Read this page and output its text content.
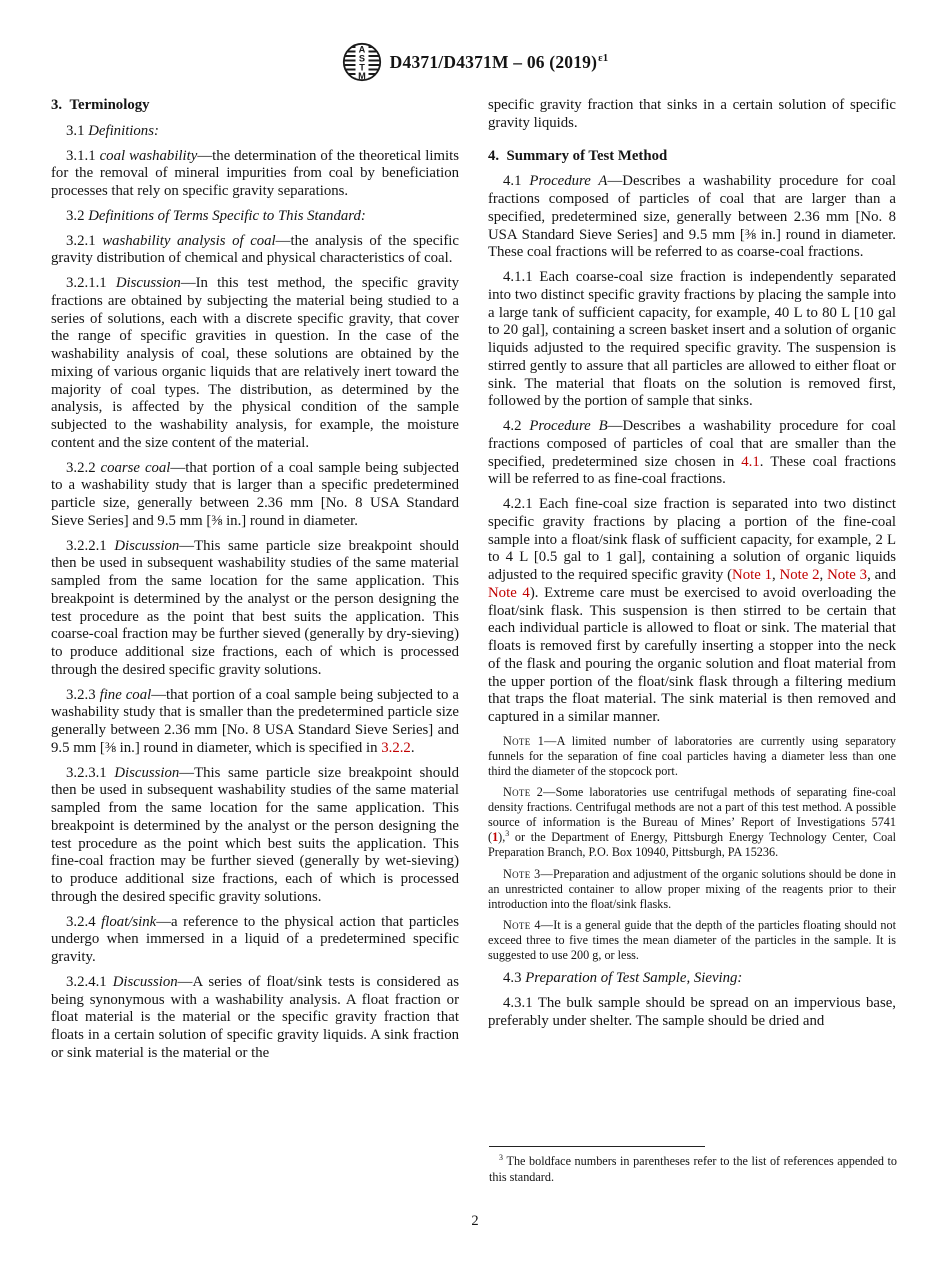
A
S
T
M
D4371/D4371M – 06 $(2019)^{\varepsilon 1}$
3. Terminology
3.1 Definitions:
3.1.1 coal washability—the determination of the theoretical limits for the removal of mineral impurities from coal by beneficiation processes that rely on specific gravity separations.
3.2 Definitions of Terms Specific to This Standard:
3.2.1 washability analysis of coal—the analysis of the specific gravity distribution of chemical and physical characteristics of coal.
3.2.1.1 Discussion—In this test method, the specific gravity fractions are obtained by subjecting the material being studied to a series of solutions, each with a discrete specific gravity, that cover the range of specific gravities in question. In the case of the washability analysis of coal, these solutions are obtained by the mixing of various organic liquids that are relatively inert toward the majority of coal types. The distribution, as determined by the analysis, is affected by the physical condition of the sample subjected to the washability analysis, for example, the moisture content and the size content of the material.
3.2.2 coarse coal—that portion of a coal sample being subjected to a washability study that is larger than a specific predetermined particle size, generally between 2.36 mm [No. 8 USA Standard Sieve Series] and 9.5 mm [⅜ in.] round in diameter.
3.2.2.1 Discussion—This same particle size breakpoint should then be used in subsequent washability studies of the same material sampled from the same location for the same application. This breakpoint is determined by the analyst or the person designing the test procedure as the point that best suits the application. This coarse-coal fraction may be further sieved (generally by dry-sieving) to produce additional size fractions, each of which is processed through the desired specific gravity solutions.
3.2.3 fine coal—that portion of a coal sample being subjected to a washability study that is smaller than the predetermined particle size generally between 2.36 mm [No. 8 USA Standard Sieve Series] and 9.5 mm [⅜ in.] round in diameter, which is specified in 3.2.2.
3.2.3.1 Discussion—This same particle size breakpoint should then be used in subsequent washability studies of the same material sampled from the same location for the same application. This breakpoint is determined by the analyst or the person designing the test procedure as the point which best suits the application. This fine-coal fraction may be further sieved (generally by wet-sieving) to produce additional size fractions, each of which is processed through the desired specific gravity solutions.
3.2.4 float/sink—a reference to the physical action that particles undergo when immersed in a liquid of a predetermined specific gravity.
3.2.4.1 Discussion—A series of float/sink tests is considered as being synonymous with a washability analysis. A float fraction or float material is the material or the specific gravity fraction that floats in a certain solution of specific gravity liquids. A sink fraction or sink material is the material or the
specific gravity fraction that sinks in a certain solution of specific gravity liquids.
4. Summary of Test Method
4.1 Procedure A—Describes a washability procedure for coal fractions composed of particles of coal that are larger than a specified, predetermined size, generally between 2.36 mm [No. 8 USA Standard Sieve Series] and 9.5 mm [⅜ in.] round in diameter. These coal fractions will be referred to as coarse-coal fractions.
4.1.1 Each coarse-coal size fraction is independently separated into two distinct specific gravity fractions by placing the sample into a large tank of sufficient capacity, for example, 40 L to 80 L [10 gal to 20 gal], containing a screen basket insert and a solution of organic liquids adjusted to the required specific gravity. The suspension is stirred gently to assure that all particles are allowed to either float or sink. The material that floats on the solution is removed first, followed by the portion of sample that sinks.
4.2 Procedure B—Describes a washability procedure for coal fractions composed of particles of coal that are smaller than the specified, predetermined size chosen in 4.1. These coal fractions will be referred to as fine-coal fractions.
4.2.1 Each fine-coal size fraction is separated into two distinct specific gravity fractions by placing a portion of the fine-coal sample into a float/sink flask of sufficient capacity, for example, 2 L to 4 L [0.5 gal to 1 gal], containing a solution of organic liquids adjusted to the required specific gravity (Note 1, Note 2, Note 3, and Note 4). Extreme care must be exercised to avoid overloading the float/sink flask. This suspension is then stirred to be certain that each individual particle is allowed to float or sink. The material that floats is removed first by carefully inserting a stopper into the neck of the flask and pouring the organic solution and float material from the upper portion of the float/sink flask through a filtering medium that traps the float material. The sink material is then removed and captured in a similar manner.
Note 1—A limited number of laboratories are currently using separatory funnels for the separation of fine coal particles having a diameter less than one third the diameter of the stopcock port.
Note 2—Some laboratories use centrifugal methods of separating fine-coal density fractions. Centrifugal methods are not a part of this test method. A possible source of information is the Bureau of Mines’ Report of Investigations 5741 (1),$^3$ or the Department of Energy, Pittsburgh Energy Technology Center, Coal Preparation Branch, P.O. Box 10940, Pittsburgh, PA 15236.
Note 3—Preparation and adjustment of the organic solutions should be done in an unrestricted container to allow proper mixing of the reagents prior to their introduction into the float/sink flasks.
Note 4—It is a general guide that the depth of the particles floating should not exceed three to five times the mean diameter of the particles in the sample. It is suggested to use 200 g, or less.
4.3 Preparation of Test Sample, Sieving:
4.3.1 The bulk sample should be spread on an impervious base, preferably under shelter. The sample should be dried and
$^3$ The boldface numbers in parentheses refer to the list of references appended to this standard.
2
